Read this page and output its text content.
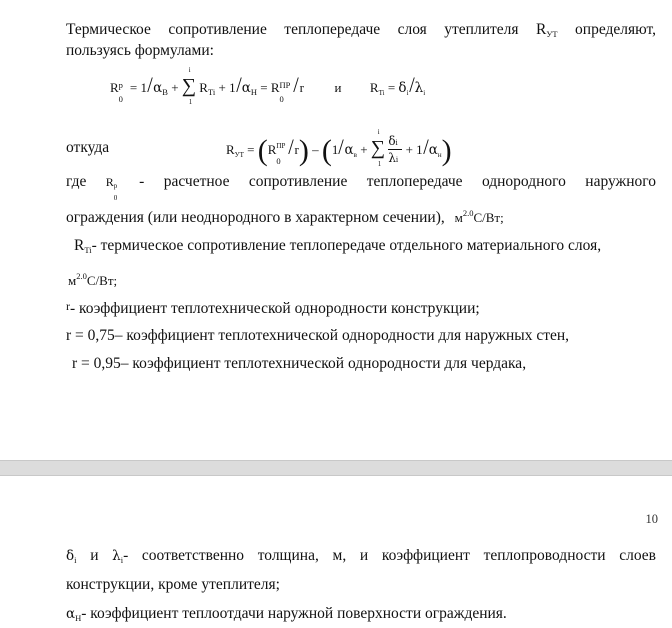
Термическое сопротивление теплопередаче слоя утеплителя $R_{УТ}$ определяют,
пользуясь формулами:
R р
0
= $1/\alpha_В$ + ∑
i
1
$R_{Ti} + 1/\alpha_Н = R$ ПР
0
/r и $R_{Ti} = \delta_i/\lambda_i$
откуда	$R_{УТ} = (R$ ПР
0
$/r) - (1/\alpha_в$ + ∑
i
1
$\frac{\delta i}{\lambda i} + 1/\alpha_н$)
где R р
0
- расчетное сопротивление теплопередаче однородного наружного
ограждения (или неоднородного в характерном сечении), $м^{2.0}С/Вт$;
$R_{Ti}-$ термическое сопротивление теплопередаче отдельного материального слоя,
$м^{2.0}С/Вт$;
r- коэффициент теплотехнической однородности конструкции;
r = 0,75– коэффициент теплотехнической однородности для наружных стен,
r = 0,95– коэффициент теплотехнической однородности для чердака,
10
$\delta_i$ и $\lambda_i-$ соответственно толщина, м, и коэффициент теплопроводности слоев
конструкции, кроме утеплителя;
$\alpha_Н-$ коэффициент теплоотдачи наружной поверхности ограждения.
